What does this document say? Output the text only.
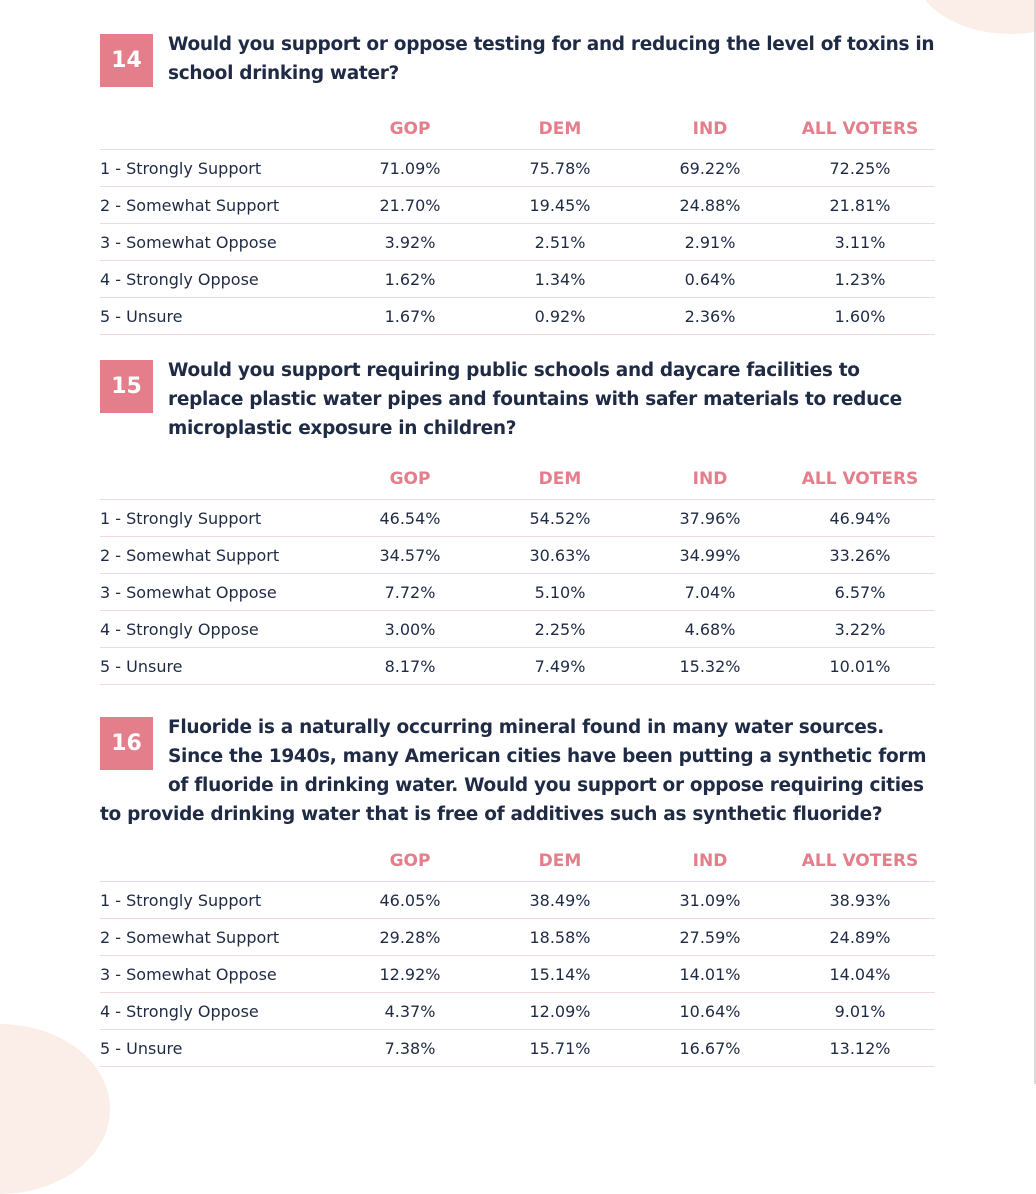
14

Would you support or oppose testing for and reducing the level of toxins in school drinking water?

	GOP	DEM	IND	ALL VOTERS
1 - Strongly Support	71.09%	75.78%	69.22%	72.25%
2 - Somewhat Support	21.70%	19.45%	24.88%	21.81%
3 - Somewhat Oppose	3.92%	2.51%	2.91%	3.11%
4 - Strongly Oppose	1.62%	1.34%	0.64%	1.23%
5 - Unsure	1.67%	0.92%	2.36%	1.60%
15

Would you support requiring public schools and daycare facilities to replace plastic water pipes and fountains with safer materials to reduce microplastic exposure in children?

	GOP	DEM	IND	ALL VOTERS
1 - Strongly Support	46.54%	54.52%	37.96%	46.94%
2 - Somewhat Support	34.57%	30.63%	34.99%	33.26%
3 - Somewhat Oppose	7.72%	5.10%	7.04%	6.57%
4 - Strongly Oppose	3.00%	2.25%	4.68%	3.22%
5 - Unsure	8.17%	7.49%	15.32%	10.01%
16

Fluoride is a naturally occurring mineral found in many water sources. Since the 1940s, many American cities have been putting a synthetic form of fluoride in drinking water. Would you support or oppose requiring cities to provide drinking water that is free of additives such as synthetic fluoride?

	GOP	DEM	IND	ALL VOTERS
1 - Strongly Support	46.05%	38.49%	31.09%	38.93%
2 - Somewhat Support	29.28%	18.58%	27.59%	24.89%
3 - Somewhat Oppose	12.92%	15.14%	14.01%	14.04%
4 - Strongly Oppose	4.37%	12.09%	10.64%	9.01%
5 - Unsure	7.38%	15.71%	16.67%	13.12%
